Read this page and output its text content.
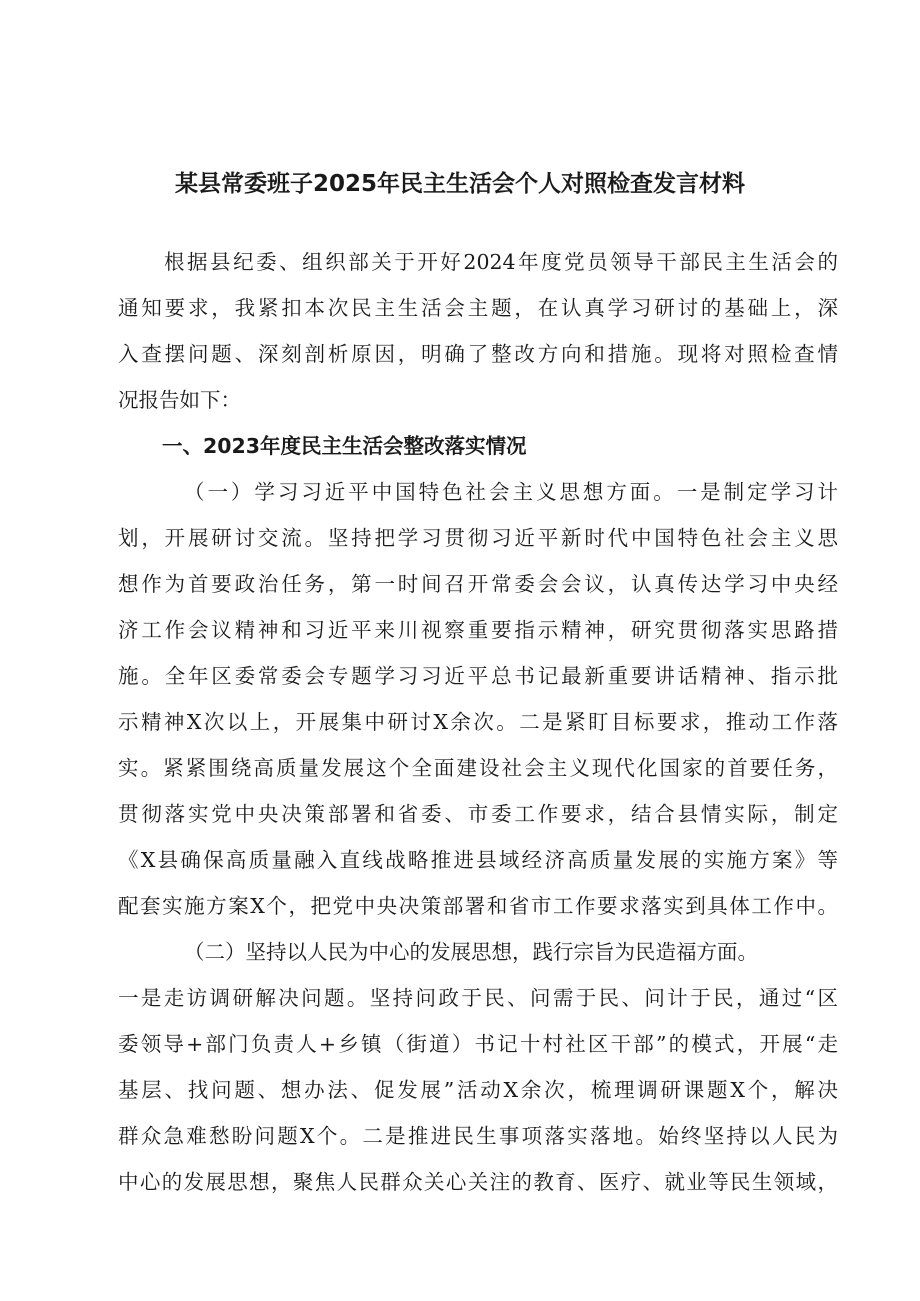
某县常委班子2025年民主生活会个人对照检查发言材料
根据县纪委、组织部关于开好2024年度党员领导干部民主生活会的
通知要求，我紧扣本次民主生活会主题，在认真学习研讨的基础上，深
入查摆问题、深刻剖析原因，明确了整改方向和措施。现将对照检查情
况报告如下：
一、2023年度民主生活会整改落实情况
（一）学习习近平中国特色社会主义思想方面。一是制定学习计
划，开展研讨交流。坚持把学习贯彻习近平新时代中国特色社会主义思
想作为首要政治任务，第一时间召开常委会会议，认真传达学习中央经
济工作会议精神和习近平来川视察重要指示精神，研究贯彻落实思路措
施。全年区委常委会专题学习习近平总书记最新重要讲话精神、指示批
示精神X次以上，开展集中研讨X余次。二是紧盯目标要求，推动工作落
实。紧紧围绕高质量发展这个全面建设社会主义现代化国家的首要任务，
贯彻落实党中央决策部署和省委、市委工作要求，结合县情实际，制定
《X县确保高质量融入直线战略推进县域经济高质量发展的实施方案》等
配套实施方案X个，把党中央决策部署和省市工作要求落实到具体工作中。
（二）坚持以人民为中心的发展思想，践行宗旨为民造福方面。
一是走访调研解决问题。坚持问政于民、问需于民、问计于民，通过“区
委领导+部门负责人+乡镇（街道）书记十村社区干部”的模式，开展“走
基层、找问题、想办法、促发展”活动X余次，梳理调研课题X个，解决
群众急难愁盼问题X个。二是推进民生事项落实落地。始终坚持以人民为
中心的发展思想，聚焦人民群众关心关注的教育、医疗、就业等民生领域，
